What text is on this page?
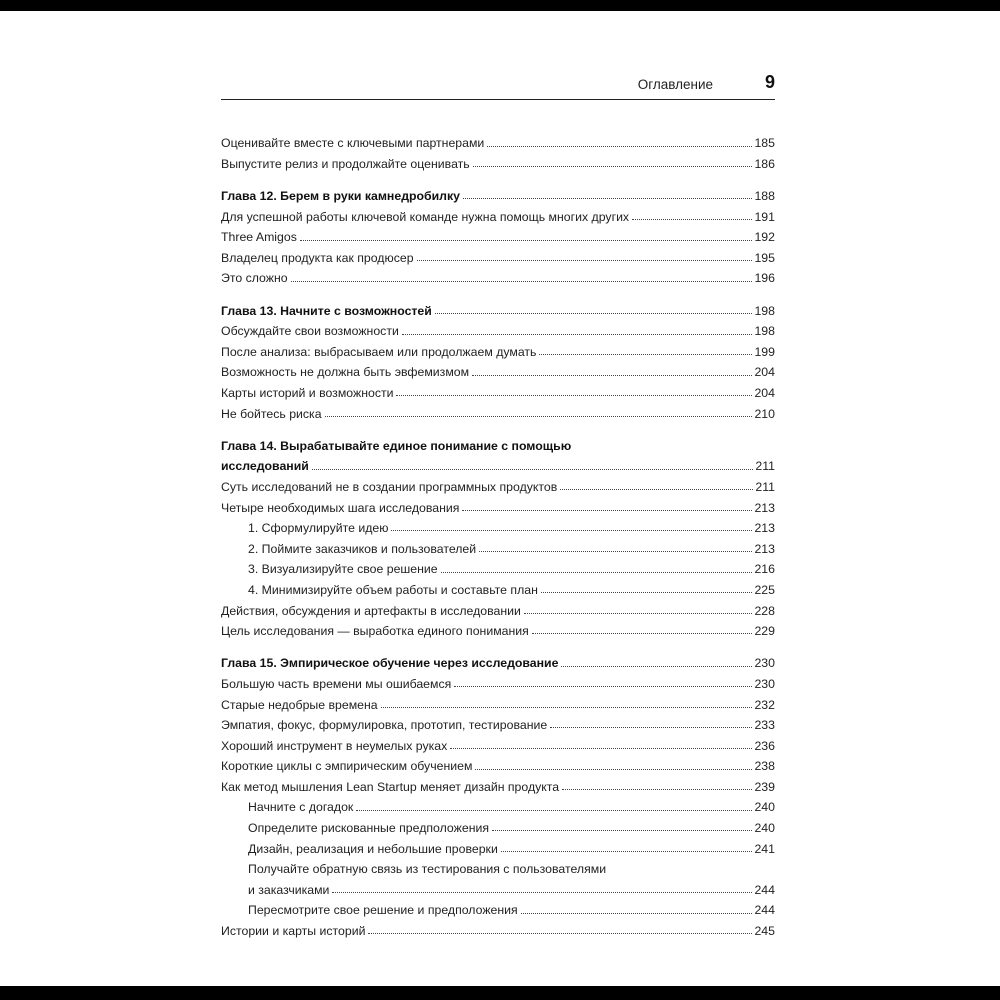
Оглавление	9
Оценивайте вместе с ключевыми партнерами	185
Выпустите релиз и продолжайте оценивать	186
Глава 12. Берем в руки камнедробилку	188
Для успешной работы ключевой команде нужна помощь многих других	191
Three Amigos	192
Владелец продукта как продюсер	195
Это сложно	196
Глава 13. Начните с возможностей	198
Обсуждайте свои возможности	198
После анализа: выбрасываем или продолжаем думать	199
Возможность не должна быть эвфемизмом	204
Карты историй и возможности	204
Не бойтесь риска	210
Глава 14. Вырабатывайте единое понимание с помощью
исследований	211
Суть исследований не в создании программных продуктов	211
Четыре необходимых шага исследования	213
1. Сформулируйте идею	213
2. Поймите заказчиков и пользователей	213
3. Визуализируйте свое решение	216
4. Минимизируйте объем работы и составьте план	225
Действия, обсуждения и артефакты в исследовании	228
Цель исследования — выработка единого понимания	229
Глава 15. Эмпирическое обучение через исследование	230
Большую часть времени мы ошибаемся	230
Старые недобрые времена	232
Эмпатия, фокус, формулировка, прототип, тестирование	233
Хороший инструмент в неумелых руках	236
Короткие циклы с эмпирическим обучением	238
Как метод мышления Lean Startup меняет дизайн продукта	239
Начните с догадок	240
Определите рискованные предположения	240
Дизайн, реализация и небольшие проверки	241
Получайте обратную связь из тестирования с пользователями
и заказчиками	244
Пересмотрите свое решение и предположения	244
Истории и карты историй	245
